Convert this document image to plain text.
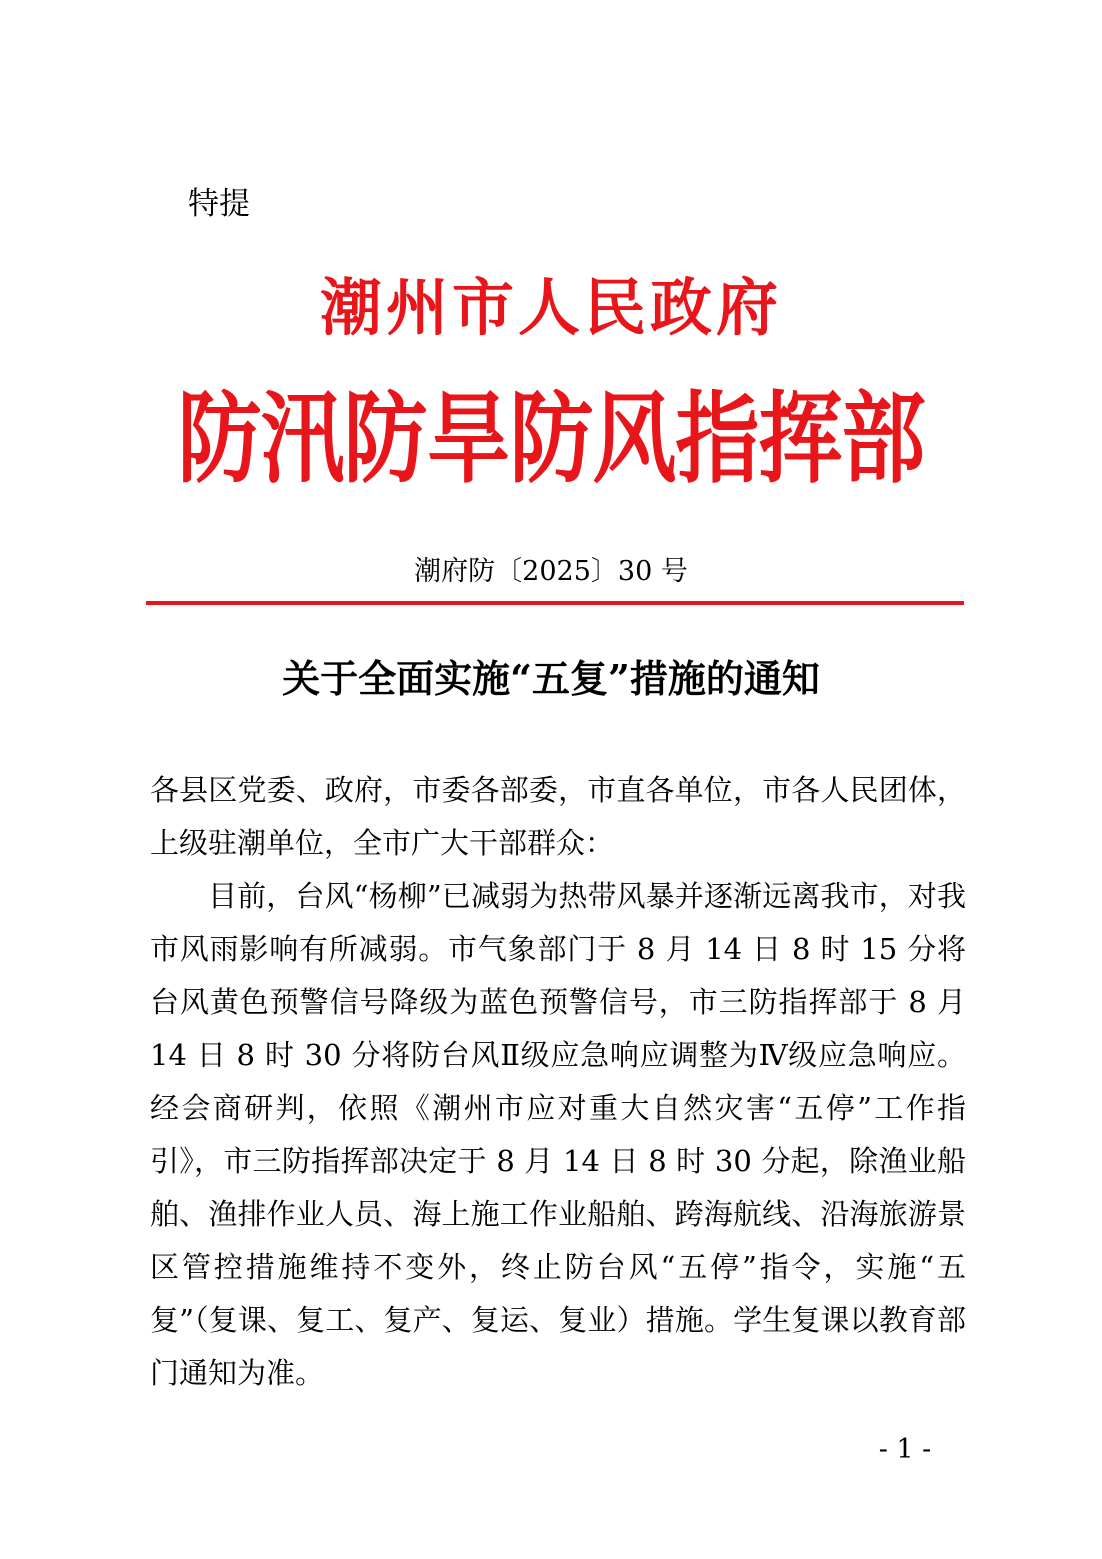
特提

潮州市人民政府
防汛防旱防风指挥部

潮府防〔2025〕30 号

关于全面实施“五复”措施的通知

各县区党委、政府，市委各部委，市直各单位，市各人民团体，上级驻潮单位，全市广大干部群众：

目前，台风“杨柳”已减弱为热带风暴并逐渐远离我市，对我市风雨影响有所减弱。市气象部门于 8 月 14 日 8 时 15 分将台风黄色预警信号降级为蓝色预警信号，市三防指挥部于 8 月 14 日 8 时 30 分将防台风Ⅱ级应急响应调整为Ⅳ级应急响应。经会商研判，依照《潮州市应对重大自然灾害“五停”工作指引》，市三防指挥部决定于 8 月 14 日 8 时 30 分起，除渔业船舶、渔排作业人员、海上施工作业船舶、跨海航线、沿海旅游景区管控措施维持不变外，终止防台风“五停”指令，实施“五复”（复课、复工、复产、复运、复业）措施。学生复课以教育部门通知为准。

- 1 -
